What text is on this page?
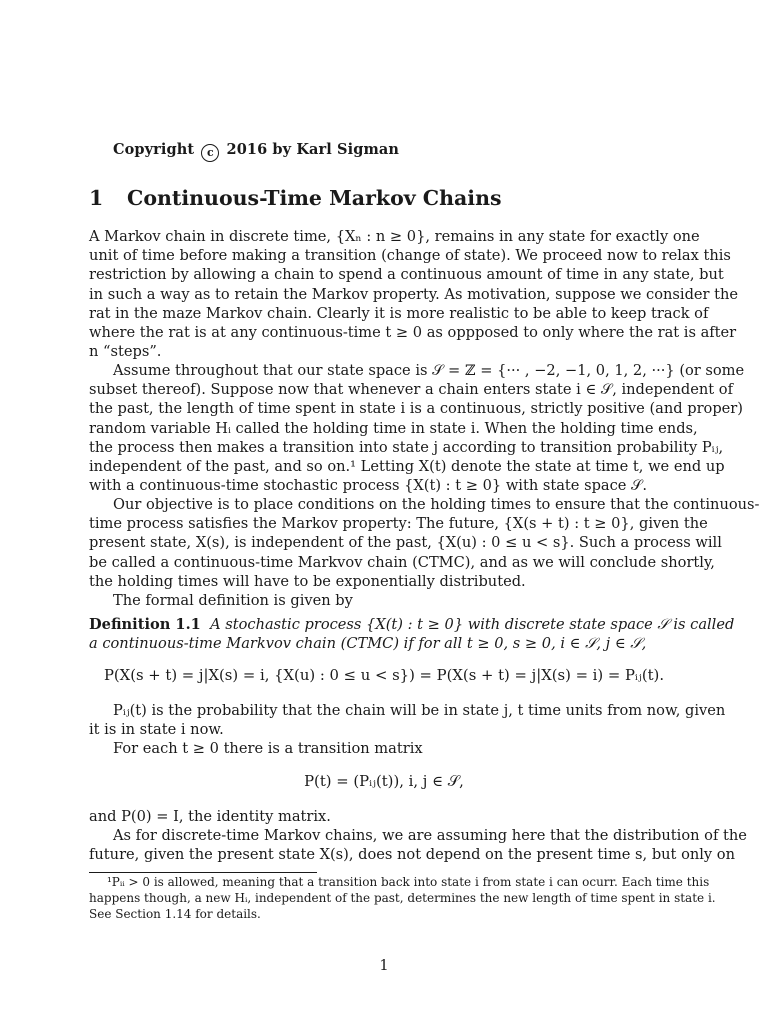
Copyright c 2016 by Karl Sigman
1 Continuous-Time Markov Chains
A Markov chain in discrete time, {Xₙ : n ≥ 0}, remains in any state for exactly one
unit of time before making a transition (change of state). We proceed now to relax this
restriction by allowing a chain to spend a continuous amount of time in any state, but
in such a way as to retain the Markov property. As motivation, suppose we consider the
rat in the maze Markov chain. Clearly it is more realistic to be able to keep track of
where the rat is at any continuous-time t ≥ 0 as oppposed to only where the rat is after
n “steps”.
Assume throughout that our state space is 𝒮 = ℤ = {··· , −2, −1, 0, 1, 2, ···} (or some
subset thereof). Suppose now that whenever a chain enters state i ∈ 𝒮, independent of
the past, the length of time spent in state i is a continuous, strictly positive (and proper)
random variable Hᵢ called the holding time in state i. When the holding time ends,
the process then makes a transition into state j according to transition probability Pᵢⱼ,
independent of the past, and so on.¹ Letting X(t) denote the state at time t, we end up
with a continuous-time stochastic process {X(t) : t ≥ 0} with state space 𝒮.
Our objective is to place conditions on the holding times to ensure that the continuous-
time process satisfies the Markov property: The future, {X(s + t) : t ≥ 0}, given the
present state, X(s), is independent of the past, {X(u) : 0 ≤ u < s}. Such a process will
be called a continuous-time Markvov chain (CTMC), and as we will conclude shortly,
the holding times will have to be exponentially distributed.
The formal definition is given by
Definition 1.1 A stochastic process {X(t) : t ≥ 0} with discrete state space 𝒮 is called
a continuous-time Markvov chain (CTMC) if for all t ≥ 0, s ≥ 0, i ∈ 𝒮, j ∈ 𝒮,
P(X(s + t) = j|X(s) = i, {X(u) : 0 ≤ u < s}) = P(X(s + t) = j|X(s) = i) = Pᵢⱼ(t).
Pᵢⱼ(t) is the probability that the chain will be in state j, t time units from now, given
it is in state i now.
For each t ≥ 0 there is a transition matrix
P(t) = (Pᵢⱼ(t)), i, j ∈ 𝒮,
and P(0) = I, the identity matrix.
As for discrete-time Markov chains, we are assuming here that the distribution of the
future, given the present state X(s), does not depend on the present time s, but only on
¹Pᵢᵢ > 0 is allowed, meaning that a transition back into state i from state i can ocurr. Each time this
happens though, a new Hᵢ, independent of the past, determines the new length of time spent in state i.
See Section 1.14 for details.
1
